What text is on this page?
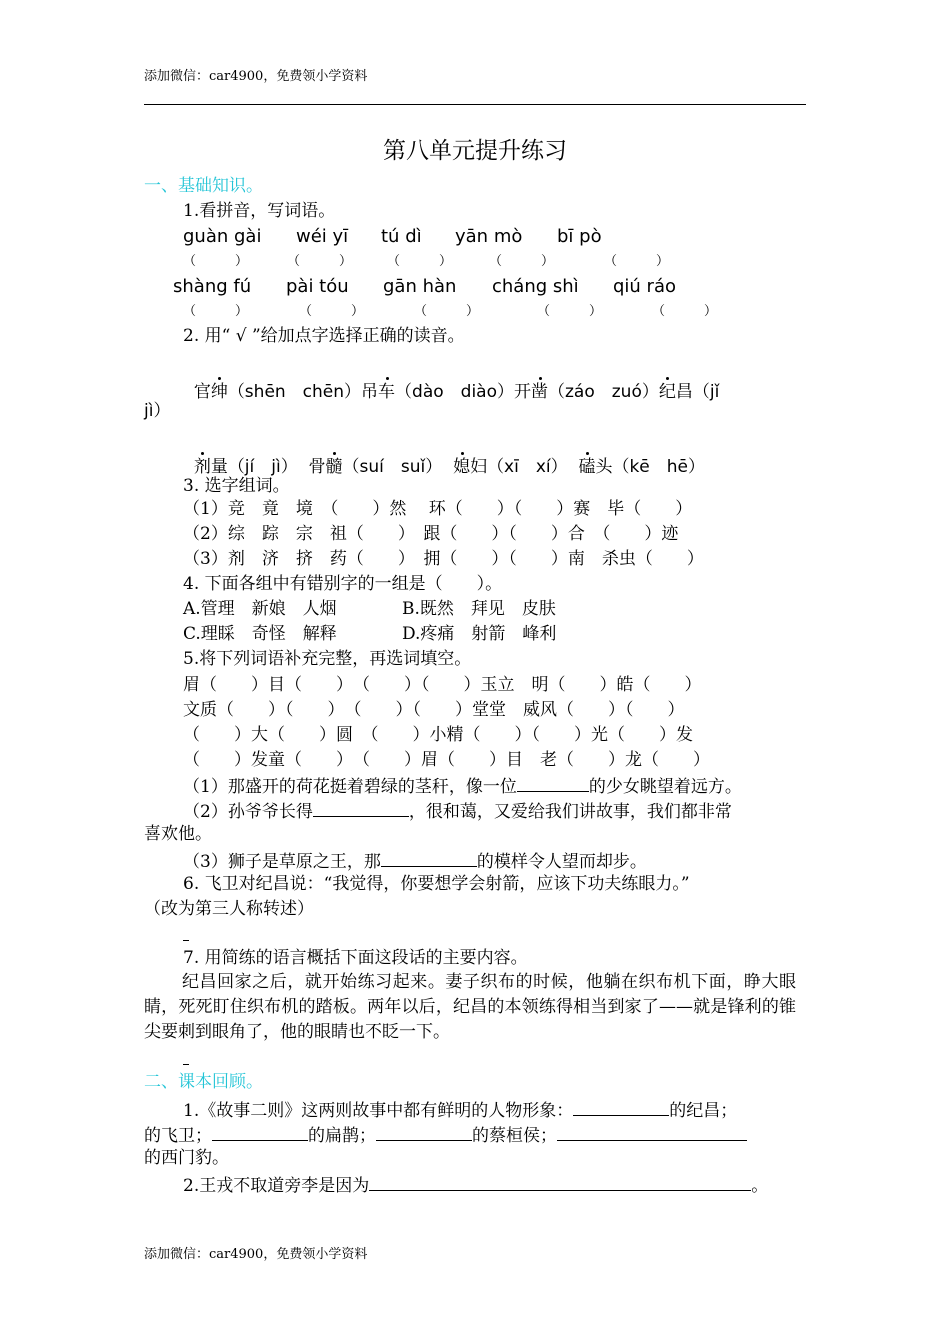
添加微信：car4900，免费领小学资料
第八单元提升练习
一、基础知识。
1.看拼音，写词语。
guàn gài wéi yī tú dì yān mò bī pò
（　　　）	（　　　）	（　　　）	（　　　）	（　　　）
shàng fú pài tóu gān hàn cháng shì qiú ráo
（　　　）	（　　　）	（　　　）	（　　　）	（　　　）
2. 用“ √ ”给加点字选择正确的读音。

官绅（shēn　chēn）吊车（dào　diào）开凿（záo　zuó）纪昌（jǐ

jì）

剂量（jí　jì） 骨髓（suí　suǐ） 媳妇（xī　xí） 磕头（kē　hē）

3. 选字组词。
（1）竞　竟　境　（　　）然　 环（　　）（　　）赛　毕（　　）
（2）综　踪　宗　祖（　　）　跟（　　）（　　）合　（　　）迹
（3）剂　济　挤　药（　　）　拥（　　）（　　）南　杀虫（　　）
4. 下面各组中有错别字的一组是（　　）。
A.管理　新娘　人烟	B.既然　拜见　皮肤
C.理睬　奇怪　解释	D.疼痛　射箭　峰利
5.将下列词语补充完整，再选词填空。
眉（　　）目（　　）　（　　）（　　）玉立　明（　　）皓（　　）
文质（　　）（　　）　（　　）（　　）堂堂　威风（　　）（　　）
（　　）大（　　）圆　（　　）小精（　　）（　　）光（　　）发
（　　）发童（　　）　（　　）眉（　　）目　老（　　）龙（　　）
（1）那盛开的荷花挺着碧绿的茎秆，像一位	的少女眺望着远方。
（2）孙爷爷长得	，很和蔼，又爱给我们讲故事，我们都非常
喜欢他。
（3）狮子是草原之王，那	的模样令人望而却步。
6. 飞卫对纪昌说：“我觉得，你要想学会射箭，应该下功夫练眼力。”
（改为第三人称转述）
7. 用简练的语言概括下面这段话的主要内容。
纪昌回家之后，就开始练习起来。妻子织布的时候，他躺在织布机下面，睁大眼睛，死死盯住织布机的踏板。两年以后，纪昌的本领练得相当到家了——就是锋利的锥尖要刺到眼角了，他的眼睛也不眨一下。
二、课本回顾。
1.《故事二则》这两则故事中都有鲜明的人物形象：	的纪昌；
的飞卫；	的扁鹊；	的蔡桓侯；
的西门豹。
2.王戎不取道旁李是因为	。
添加微信：car4900，免费领小学资料
